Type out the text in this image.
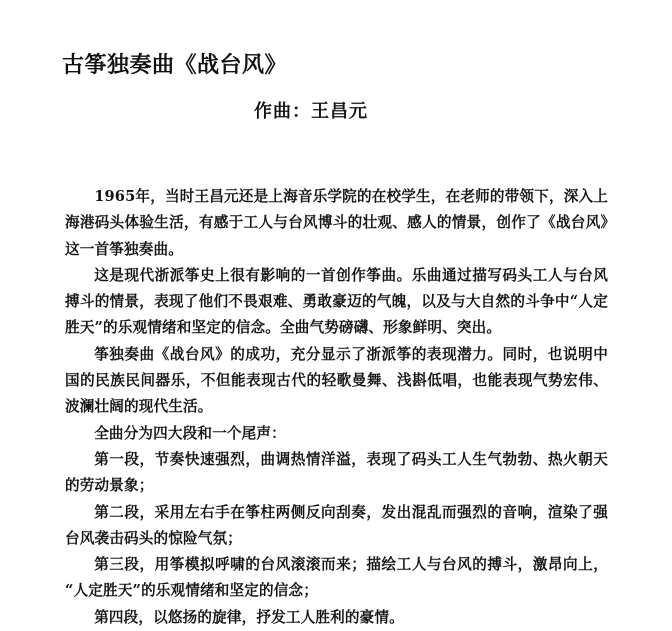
古筝独奏曲《战台风》
作曲：王昌元

1965年，当时王昌元还是上海音乐学院的在校学生，在老师的带领下，深入上海港码头体验生活，有感于工人与台风博斗的壮观、感人的情景，创作了《战台风》这一首筝独奏曲。

这是现代浙派筝史上很有影响的一首创作筝曲。乐曲通过描写码头工人与台风搏斗的情景，表现了他们不畏艰难、勇敢豪迈的气魄，以及与大自然的斗争中“人定胜天”的乐观情绪和坚定的信念。全曲气势磅礴、形象鲜明、突出。

筝独奏曲《战台风》的成功，充分显示了浙派筝的表现潜力。同时，也说明中国的民族民间器乐，不但能表现古代的轻歌曼舞、浅斟低唱，也能表现气势宏伟、波澜壮阔的现代生活。

全曲分为四大段和一个尾声：

第一段，节奏快速强烈，曲调热情洋溢，表现了码头工人生气勃勃、热火朝天的劳动景象；

第二段，采用左右手在筝柱两侧反向刮奏，发出混乱而强烈的音响，渲染了强台风袭击码头的惊险气氛；

第三段，用筝模拟呼啸的台风滚滚而来；描绘工人与台风的搏斗，激昂向上，“人定胜天”的乐观情绪和坚定的信念；

第四段，以悠扬的旋律，抒发工人胜利的豪情。
